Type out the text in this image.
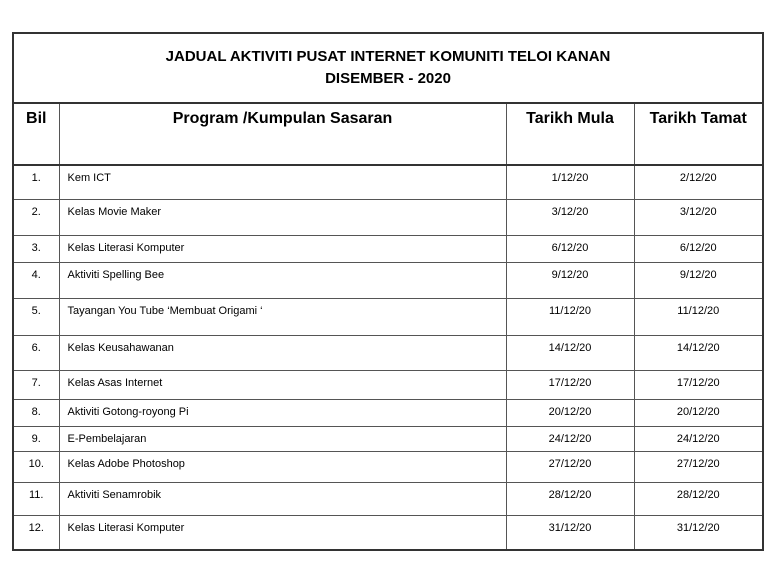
JADUAL AKTIVITI PUSAT INTERNET KOMUNITI TELOI KANAN
DISEMBER - 2020			

Bil	Program /Kumpulan Sasaran	Tarikh Mula	Tarikh Tamat
1.	Kem ICT	1/12/20	2/12/20
2.	Kelas Movie Maker	3/12/20	3/12/20
3.	Kelas Literasi Komputer	6/12/20	6/12/20
4.	Aktiviti Spelling Bee	9/12/20	9/12/20
5.	Tayangan You Tube ‘Membuat Origami ‘	11/12/20	11/12/20
6.	Kelas Keusahawanan	14/12/20	14/12/20
7.	Kelas Asas Internet	17/12/20	17/12/20
8.	Aktiviti Gotong-royong Pi	20/12/20	20/12/20
9.	E-Pembelajaran	24/12/20	24/12/20
10.	Kelas Adobe Photoshop	27/12/20	27/12/20
11.	Aktiviti Senamrobik	28/12/20	28/12/20
12.	Kelas Literasi Komputer	31/12/20	31/12/20
